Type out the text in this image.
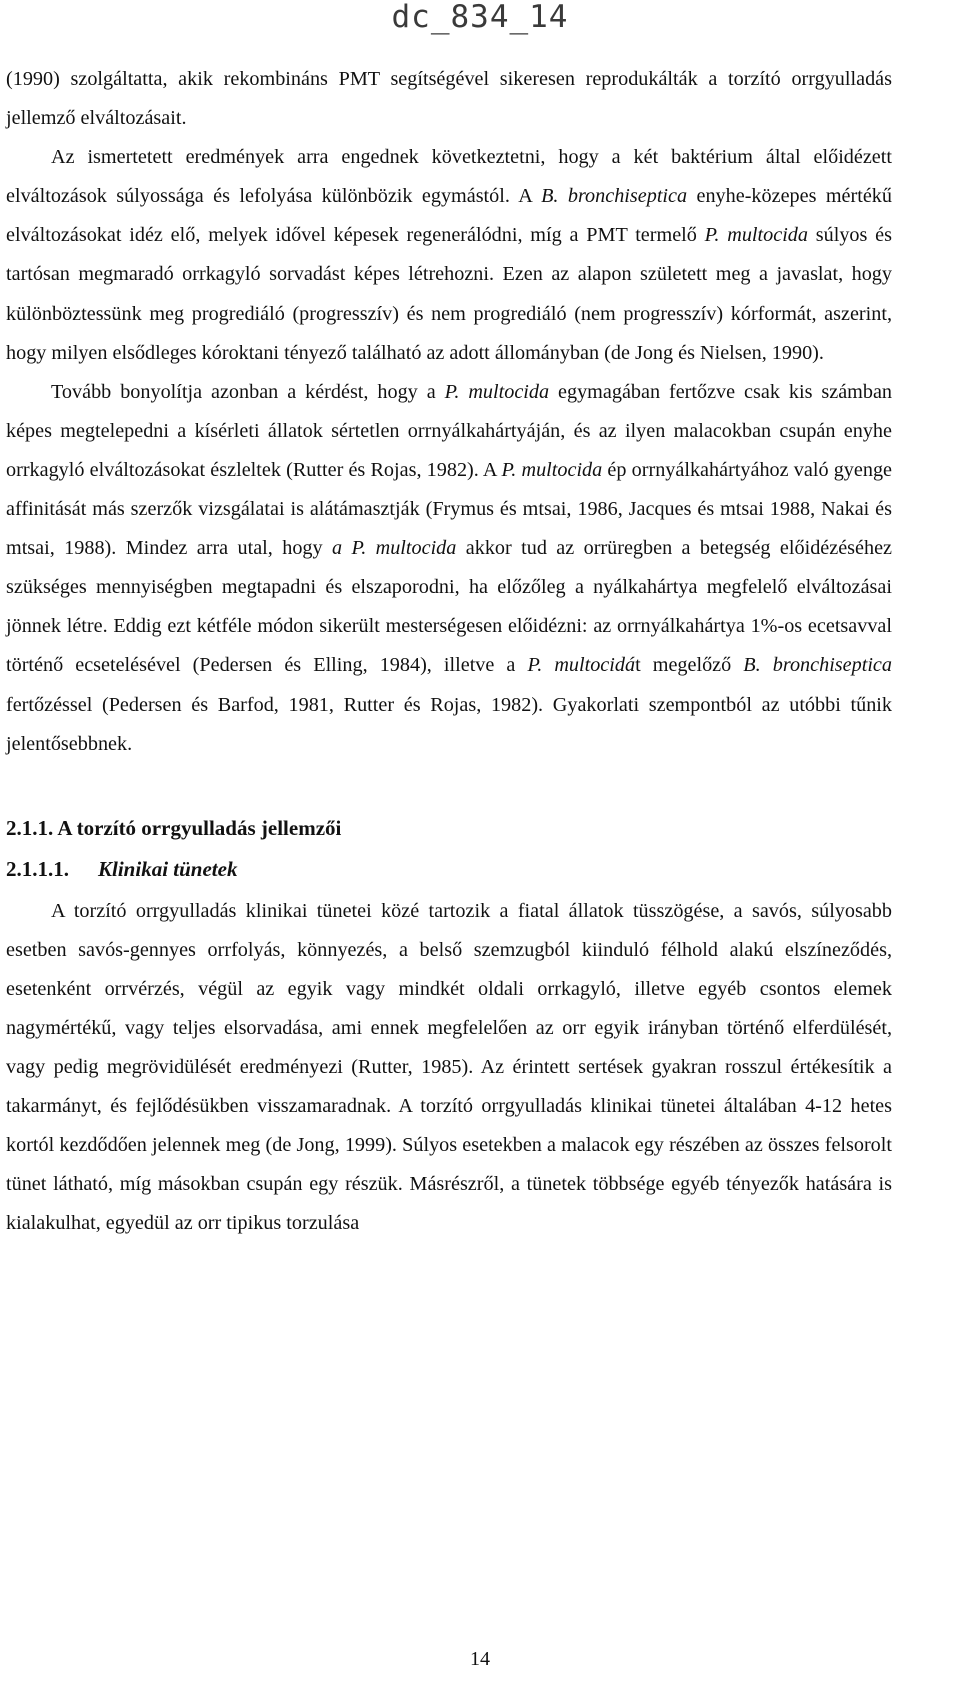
dc_834_14

(1990) szolgáltatta, akik rekombináns PMT segítségével sikeresen reprodukálták a torzító orrgyulladás jellemző elváltozásait.

Az ismertetett eredmények arra engednek következtetni, hogy a két baktérium által előidézett elváltozások súlyossága és lefolyása különbözik egymástól. A B. bronchiseptica enyhe-közepes mértékű elváltozásokat idéz elő, melyek idővel képesek regenerálódni, míg a PMT termelő P. multocida súlyos és tartósan megmaradó orrkagyló sorvadást képes létrehozni. Ezen az alapon született meg a javaslat, hogy különböztessünk meg progrediáló (progresszív) és nem progrediáló (nem progresszív) kórformát, aszerint, hogy milyen elsődleges kóroktani tényező található az adott állományban (de Jong és Nielsen, 1990).

Tovább bonyolítja azonban a kérdést, hogy a P. multocida egymagában fertőzve csak kis számban képes megtelepedni a kísérleti állatok sértetlen orrnyálkahártyáján, és az ilyen malacokban csupán enyhe orrkagyló elváltozásokat észleltek (Rutter és Rojas, 1982). A P. multocida ép orrnyálkahártyához való gyenge affinitását más szerzők vizsgálatai is alátámasztják (Frymus és mtsai, 1986, Jacques és mtsai 1988, Nakai és mtsai, 1988). Mindez arra utal, hogy a P. multocida akkor tud az orrüregben a betegség előidézéséhez szükséges mennyiségben megtapadni és elszaporodni, ha előzőleg a nyálkahártya megfelelő elváltozásai jönnek létre. Eddig ezt kétféle módon sikerült mesterségesen előidézni: az orrnyálkahártya 1%-os ecetsavval történő ecsetelésével (Pedersen és Elling, 1984), illetve a P. multocidát megelőző B. bronchiseptica fertőzéssel (Pedersen és Barfod, 1981, Rutter és Rojas, 1982). Gyakorlati szempontból az utóbbi tűnik jelentősebbnek.

2.1.1. A torzító orrgyulladás jellemzői
2.1.1.1. Klinikai tünetek

A torzító orrgyulladás klinikai tünetei közé tartozik a fiatal állatok tüsszögése, a savós, súlyosabb esetben savós-gennyes orrfolyás, könnyezés, a belső szemzugból kiinduló félhold alakú elszíneződés, esetenként orrvérzés, végül az egyik vagy mindkét oldali orrkagyló, illetve egyéb csontos elemek nagymértékű, vagy teljes elsorvadása, ami ennek megfelelően az orr egyik irányban történő elferdülését, vagy pedig megrövidülését eredményezi (Rutter, 1985). Az érintett sertések gyakran rosszul értékesítik a takarmányt, és fejlődésükben visszamaradnak. A torzító orrgyulladás klinikai tünetei általában 4-12 hetes kortól kezdődően jelennek meg (de Jong, 1999). Súlyos esetekben a malacok egy részében az összes felsorolt tünet látható, míg másokban csupán egy részük. Másrészről, a tünetek többsége egyéb tényezők hatására is kialakulhat, egyedül az orr tipikus torzulása

14
